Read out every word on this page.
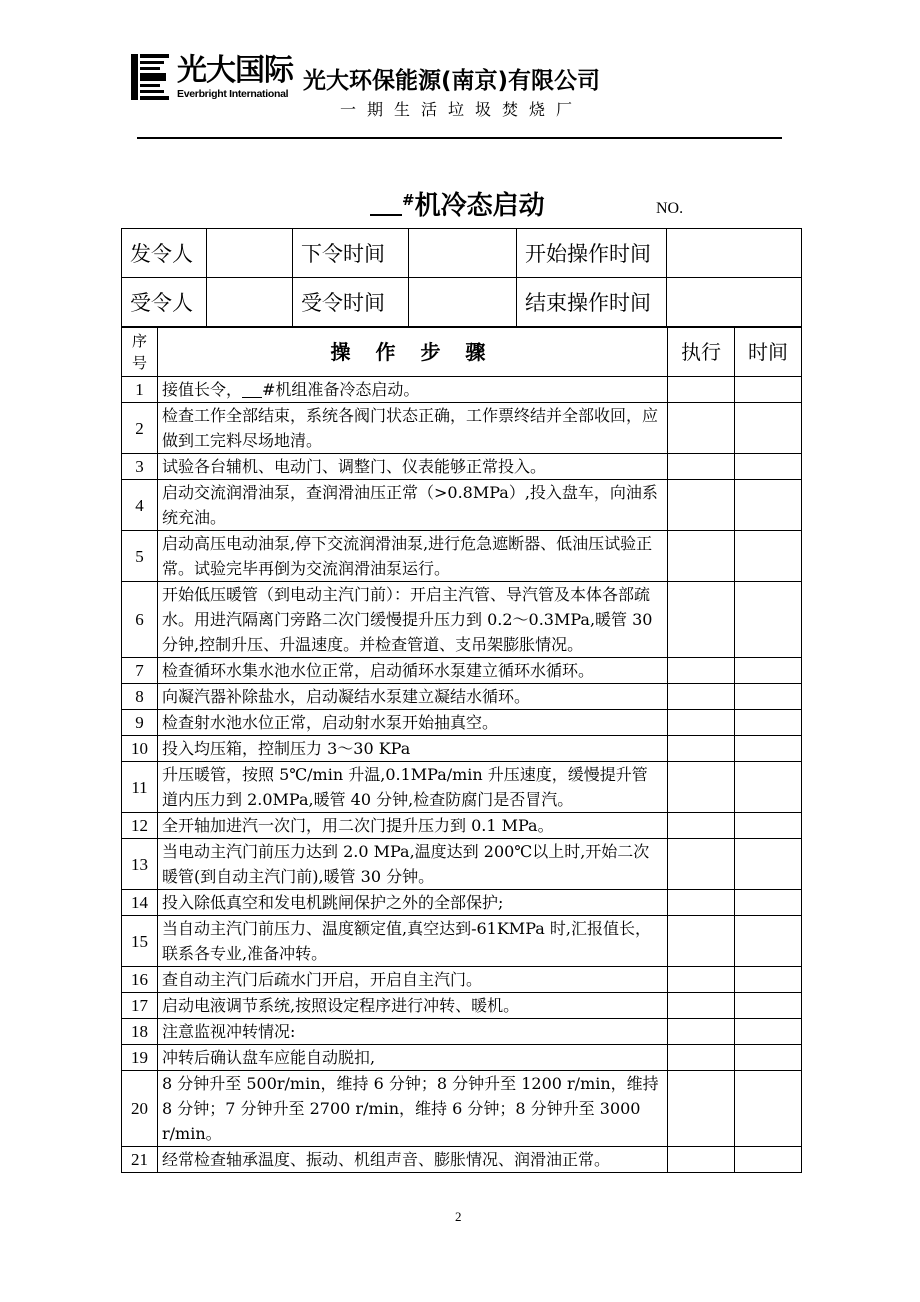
光大国际
Everbright International 光大环保能源(南京)有限公司
一期生活垃圾焚烧厂
#机冷态启动	NO.
发令人		下令时间		开始操作时间	
受令人		受令时间		结束操作时间	
序
号	操 作 步 骤	执行	时间
1	接值长令， #机组准备冷态启动。		
2	检查工作全部结束，系统各阀门状态正确，工作票终结并全部收回，应做到工完料尽场地清。		
3	试验各台辅机、电动门、调整门、仪表能够正常投入。		
4	启动交流润滑油泵，查润滑油压正常（>0.8MPa）,投入盘车，向油系统充油。		
5	启动高压电动油泵,停下交流润滑油泵,进行危急遮断器、低油压试验正常。试验完毕再倒为交流润滑油泵运行。		
6	开始低压暖管（到电动主汽门前）：开启主汽管、导汽管及本体各部疏水。用进汽隔离门旁路二次门缓慢提升压力到 0.2～0.3MPa,暖管 30 分钟,控制升压、升温速度。并检查管道、支吊架膨胀情况。		
7	检查循环水集水池水位正常，启动循环水泵建立循环水循环。		
8	向凝汽器补除盐水，启动凝结水泵建立凝结水循环。		
9	检查射水池水位正常，启动射水泵开始抽真空。		
10	投入均压箱，控制压力 3～30 KPa		
11	升压暖管，按照 5℃/min 升温,0.1MPa/min 升压速度，缓慢提升管道内压力到 2.0MPa,暖管 40 分钟,检查防腐门是否冒汽。		
12	全开轴加进汽一次门，用二次门提升压力到 0.1 MPa。		
13	当电动主汽门前压力达到 2.0 MPa,温度达到 200℃以上时,开始二次暖管(到自动主汽门前),暖管 30 分钟。		
14	投入除低真空和发电机跳闸保护之外的全部保护;		
15	当自动主汽门前压力、温度额定值,真空达到-61KMPa 时,汇报值长，联系各专业,准备冲转。		
16	查自动主汽门后疏水门开启，开启自主汽门。		
17	启动电液调节系统,按照设定程序进行冲转、暖机。		
18	注意监视冲转情况:		
19	冲转后确认盘车应能自动脱扣,		
20	8 分钟升至 500r/min，维持 6 分钟；8 分钟升至 1200 r/min，维持 8 分钟；7 分钟升至 2700 r/min，维持 6 分钟；8 分钟升至 3000 r/min。		
21	经常检查轴承温度、振动、机组声音、膨胀情况、润滑油正常。		
2
